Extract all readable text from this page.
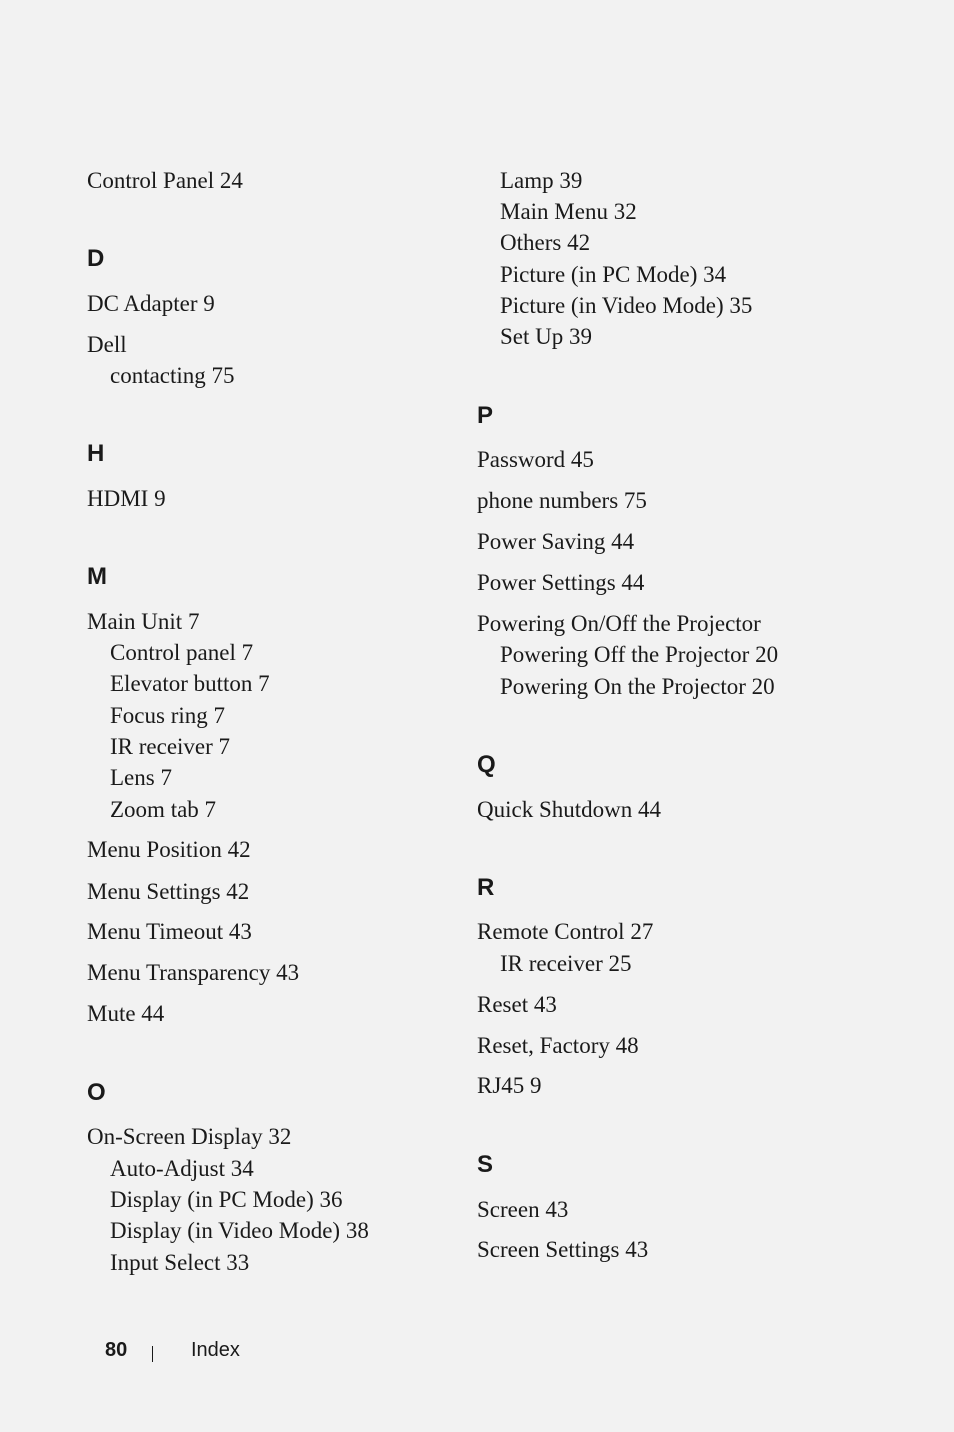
Control Panel 24
D
DC Adapter 9
Dell
contacting 75
H
HDMI 9
M
Main Unit 7
Control panel 7
Elevator button 7
Focus ring 7
IR receiver 7
Lens 7
Zoom tab 7
Menu Position 42
Menu Settings 42
Menu Timeout 43
Menu Transparency 43
Mute 44
O
On-Screen Display 32
Auto-Adjust 34
Display (in PC Mode) 36
Display (in Video Mode) 38
Input Select 33
Lamp 39
Main Menu 32
Others 42
Picture (in PC Mode) 34
Picture (in Video Mode) 35
Set Up 39
P
Password 45
phone numbers 75
Power Saving 44
Power Settings 44
Powering On/Off the Projector
Powering Off the Projector 20
Powering On the Projector 20
Q
Quick Shutdown 44
R
Remote Control 27
IR receiver 25
Reset 43
Reset, Factory 48
RJ45 9
S
Screen 43
Screen Settings 43
80	Index
